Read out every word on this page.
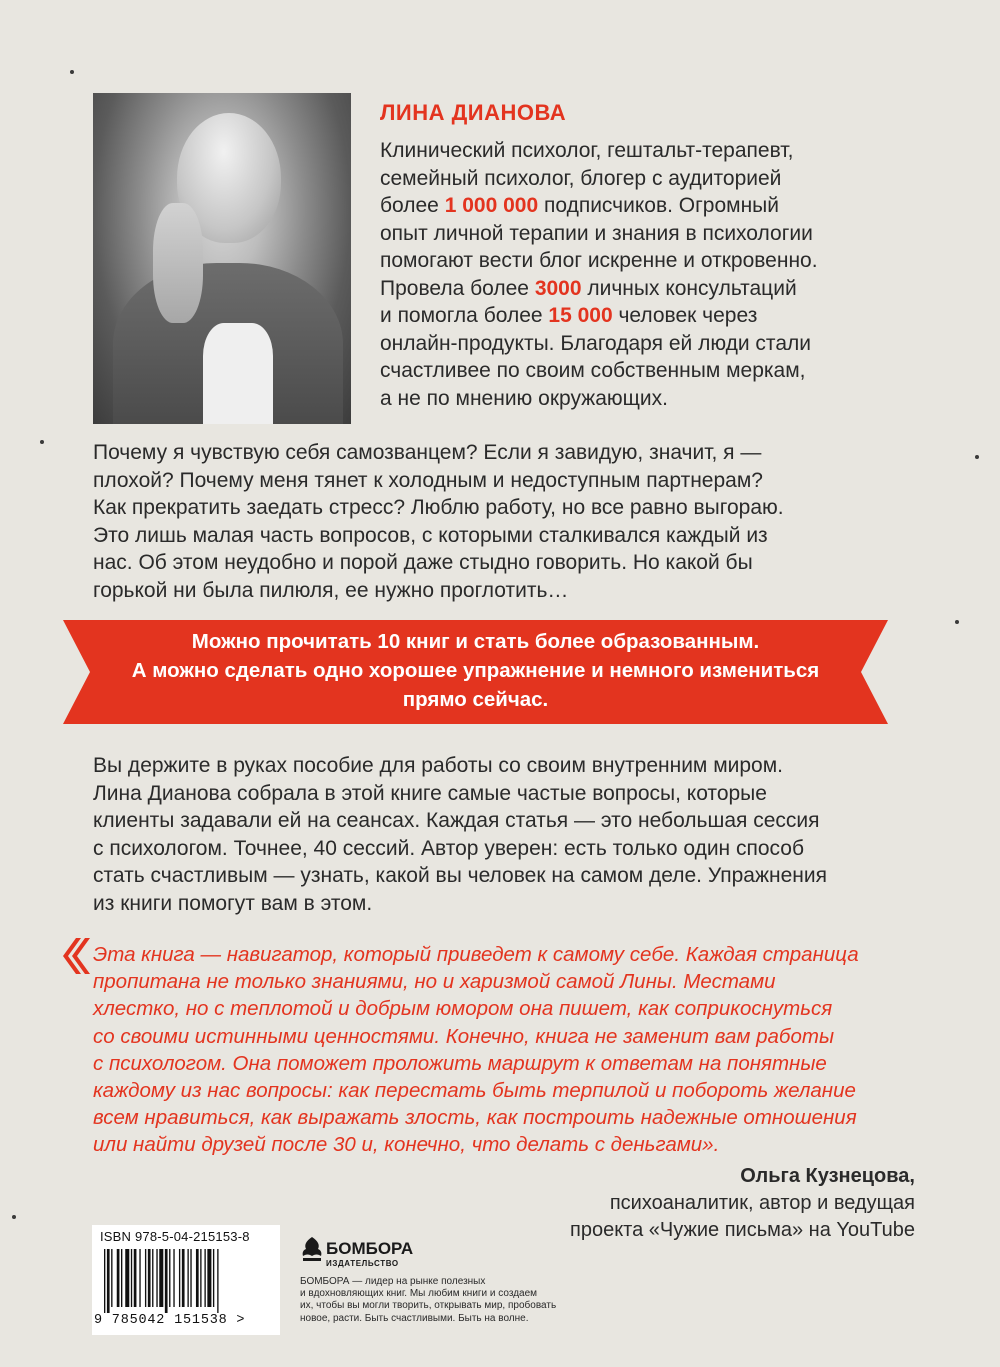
ЛИНА ДИАНОВА
Клинический психолог, гештальт-терапевт,
семейный психолог, блогер с аудиторией
более 1 000 000 подписчиков. Огромный
опыт личной терапии и знания в психологии
помогают вести блог искренне и откровенно.
Провела более 3000 личных консультаций
и помогла более 15 000 человек через
онлайн-продукты. Благодаря ей люди стали
счастливее по своим собственным меркам,
а не по мнению окружающих.
Почему я чувствую себя самозванцем? Если я завидую, значит, я —
плохой? Почему меня тянет к холодным и недоступным партнерам?
Как прекратить заедать стресс? Люблю работу, но все равно выгораю.
Это лишь малая часть вопросов, с которыми сталкивался каждый из
нас. Об этом неудобно и порой даже стыдно говорить. Но какой бы
горькой ни была пилюля, ее нужно проглотить…
Можно прочитать 10 книг и стать более образованным.
А можно сделать одно хорошее упражнение и немного измениться
прямо сейчас.
Вы держите в руках пособие для работы со своим внутренним миром.
Лина Дианова собрала в этой книге самые частые вопросы, которые
клиенты задавали ей на сеансах. Каждая статья — это небольшая сессия
с психологом. Точнее, 40 сессий. Автор уверен: есть только один способ
стать счастливым — узнать, какой вы человек на самом деле. Упражнения
из книги помогут вам в этом.
Эта книга — навигатор, который приведет к самому себе. Каждая страница
пропитана не только знаниями, но и харизмой самой Лины. Местами
хлестко, но с теплотой и добрым юмором она пишет, как соприкоснуться
со своими истинными ценностями. Конечно, книга не заменит вам работы
с психологом. Она поможет проложить маршрут к ответам на понятные
каждому из нас вопросы: как перестать быть терпилой и побороть желание
всем нравиться, как выражать злость, как построить надежные отношения
или найти друзей после 30 и, конечно, что делать с деньгами».
Ольга Кузнецова,
психоаналитик, автор и ведущая
проекта «Чужие письма» на YouTube
ISBN 978-5-04-215153-8
9 785042 151538 >
БОМБОРА
ИЗДАТЕЛЬСТВО
БОМБОРА — лидер на рынке полезных
и вдохновляющих книг. Мы любим книги и создаем
их, чтобы вы могли творить, открывать мир, пробовать
новое, расти. Быть счастливыми. Быть на волне.
